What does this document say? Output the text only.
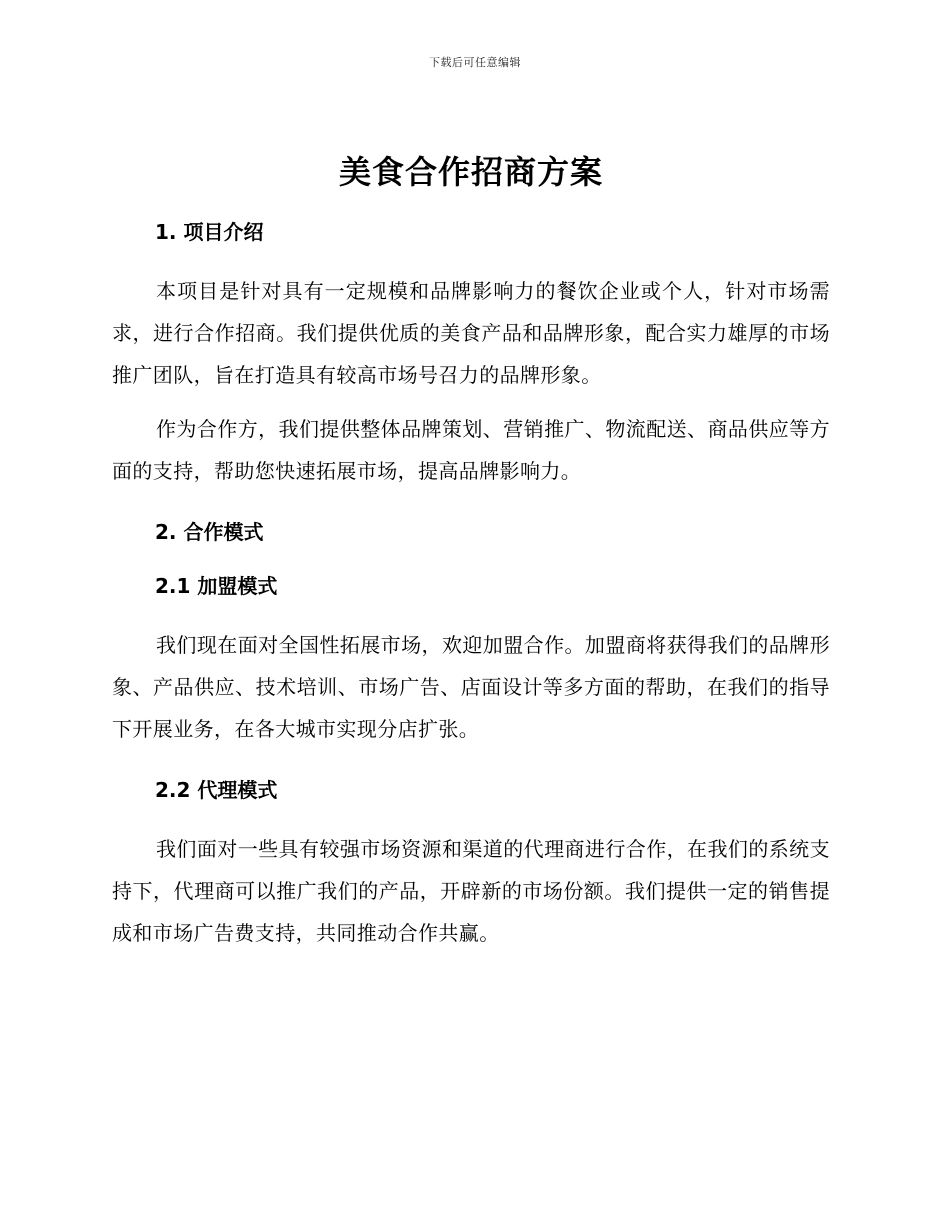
下载后可任意编辑
美食合作招商方案
1. 项目介绍

本项目是针对具有一定规模和品牌影响力的餐饮企业或个人，针对市场需求，进行合作招商。我们提供优质的美食产品和品牌形象，配合实力雄厚的市场推广团队，旨在打造具有较高市场号召力的品牌形象。

作为合作方，我们提供整体品牌策划、营销推广、物流配送、商品供应等方面的支持，帮助您快速拓展市场，提高品牌影响力。

2. 合作模式
2.1 加盟模式

我们现在面对全国性拓展市场，欢迎加盟合作。加盟商将获得我们的品牌形象、产品供应、技术培训、市场广告、店面设计等多方面的帮助，在我们的指导下开展业务，在各大城市实现分店扩张。

2.2 代理模式

我们面对一些具有较强市场资源和渠道的代理商进行合作，在我们的系统支持下，代理商可以推广我们的产品，开辟新的市场份额。我们提供一定的销售提成和市场广告费支持，共同推动合作共赢。
